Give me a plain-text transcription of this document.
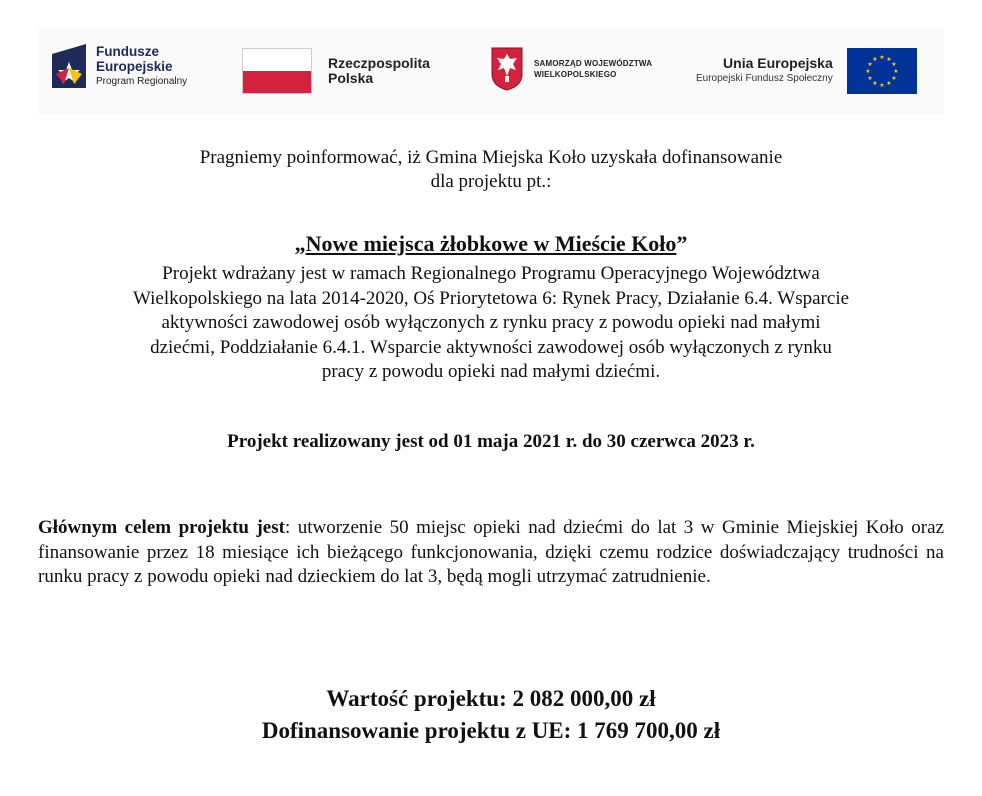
Fundusze
Europejskie
Program Regionalny
Rzeczpospolita
Polska
SAMORZĄD WOJEWÓDZTWA
WIELKOPOLSKIEGO
Unia Europejska
Europejski Fundusz Społeczny
★ ★
★
★
★
★
★
★
★
★
★
★
Pragniemy poinformować, iż Gmina Miejska Koło uzyskała dofinansowanie
dla projektu pt.:
„Nowe miejsca żłobkowe w Mieście Koło”
Projekt wdrażany jest w ramach Regionalnego Programu Operacyjnego Województwa
Wielkopolskiego na lata 2014-2020, Oś Priorytetowa 6: Rynek Pracy, Działanie 6.4. Wsparcie
aktywności zawodowej osób wyłączonych z rynku pracy z powodu opieki nad małymi
dziećmi, Poddziałanie 6.4.1. Wsparcie aktywności zawodowej osób wyłączonych z rynku
pracy z powodu opieki nad małymi dziećmi.
Projekt realizowany jest od 01 maja 2021 r. do 30 czerwca 2023 r.
Głównym celem projektu jest: utworzenie 50 miejsc opieki nad dziećmi do lat 3 w Gminie Miejskiej Koło oraz finansowanie przez 18 miesiące ich bieżącego funkcjonowania, dzięki czemu rodzice doświadczający trudności na runku pracy z powodu opieki nad dzieckiem do lat 3, będą mogli utrzymać zatrudnienie.
Wartość projektu: 2 082 000,00 zł
Dofinansowanie projektu z UE: 1 769 700,00 zł
